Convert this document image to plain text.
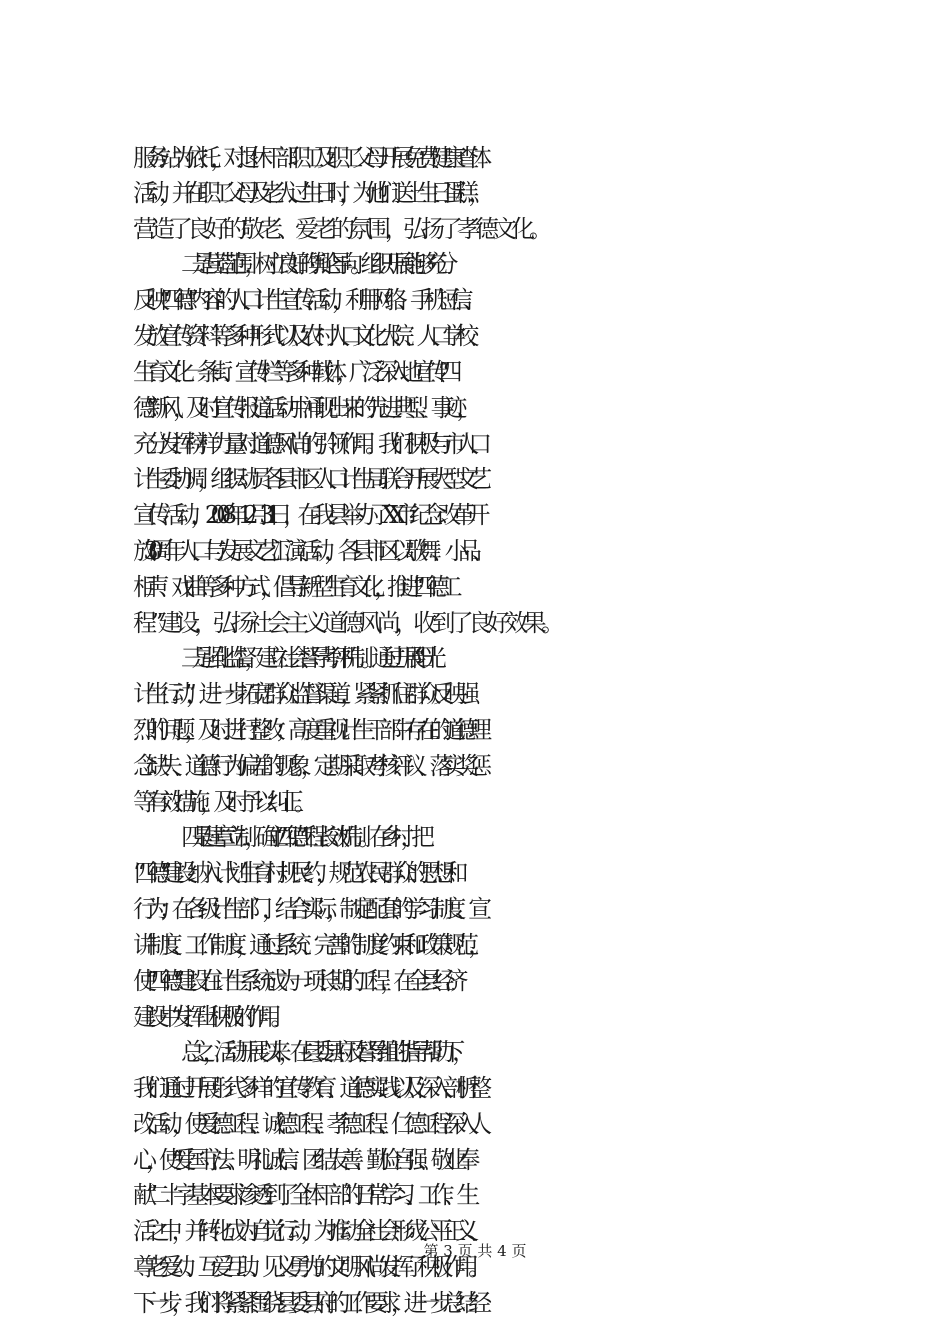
服务站为依托，对退休干部职工及职工父母开展免费健康查体
活动，并在职工父母及老人过生日时，为他们送上生日蛋糕，
营造了良好的敬老、爱老的氛围，弘扬了孝德文化。
二是营造范围，树立良好的舆论导向。组织开展能够充分
反映“四德”内容的人口计生宣传活动，利用网络、手机短信、
发放宣传资料等多种形式以及农村人口文化大院、人口学校、
生育文化一条街、宣传栏等多种载体，广泛深入地宣传“四
德”新风，及时宣传报道活动中涌现出来的先进典型、事迹，
充分发挥榜样力量对道德风尚的引领作用。我们积极与市人口
计生委协调，组织动员各县市区人口计生局联合开展大型文艺
宣传活动，2008 年 12 月 31 日，在我县举办了 XX 市纪念改革开
放 30 周年人口与发展文艺汇演活动，各县市区以歌舞、小品、
相声、戏曲等多种方式，倡导新型生育文化，推进“四德工
程”建设，弘扬社会主义道德风尚，收到了良好效果。
三是强化监督，建立社会督导考评机制。通过开展“阳光
计生行动”，进一步拓宽群众监督渠道，紧紧抓住群众反映强
烈的问题，及时进行整改；高度重视计生干部中存在的道德理
念缺失、道德行为偏差的现象，定期采取考核评议、落实奖惩
等有效措施，及时予以纠正。
四是建章立制，确立“四德”工程长效机制。在乡村，把
“四德”建设纳入计划生育村规民约，规范农民群众的思想和
行为；在各级计生部门，结合实际，制定配套的学习制度、宣
讲制度、工作制度，通过系统、完善的制度约束和政策规范，
使“四德”建设在计生系统成为一项长期的工程，在全县经济
建设中发挥出积极的作用。
总之，活动开展以来，在县委县府及督导组的指导帮助下，
我们通过开展形式多样的宣传教育、道德实践以及深入剖析整
改活动，使爱德工程、诚德工程、孝德工程、仁德工程深入人
心，使“爱国守法、明礼诚信、团结友善、勤俭自强、敬业奉
献”二十字基本要求渗透到了全体干部的日常学习、工作、生
活之中，并转化成为自觉行动，为推动全社会形成公平正义、
尊老爱幼、互爱互助、见义勇为的文明风尚发挥了积极作用。
下一步，我们将紧紧围绕县委县府的工作要求，进一步总结经
第 3 页 共 4 页
